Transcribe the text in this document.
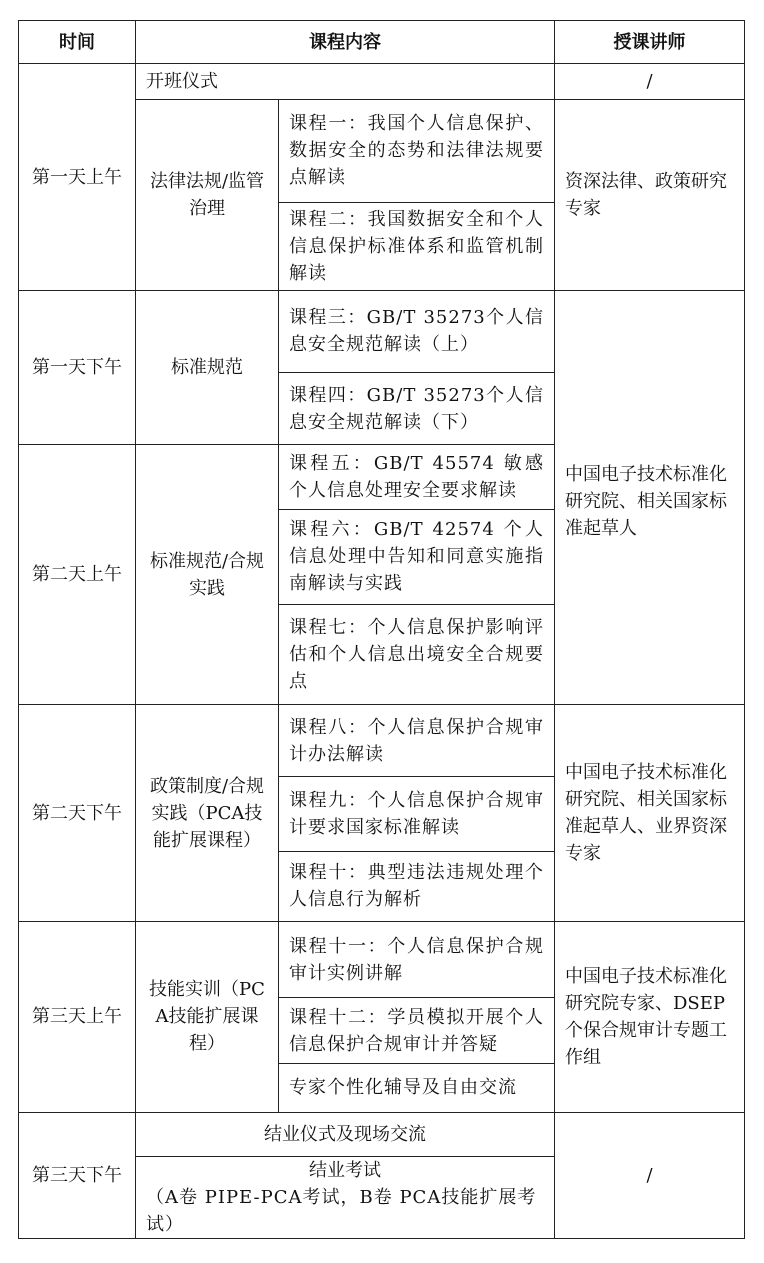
时间	课程内容		授课讲师
第一天上午	开班仪式		/
	法律法规/监管治理	课程一：我国个人信息保护、数据安全的态势和法律法规要点解读	资深法律、政策研究专家
		课程二：我国数据安全和个人信息保护标准体系和监管机制解读	
第一天下午	标准规范	课程三：GB/T 35273个人信息安全规范解读（上）	中国电子技术标准化研究院、相关国家标准起草人
		课程四：GB/T 35273个人信息安全规范解读（下）	
第二天上午	标准规范/合规实践	课程五：GB/T 45574 敏感个人信息处理安全要求解读	
		课程六：GB/T 42574 个人信息处理中告知和同意实施指南解读与实践	
		课程七：个人信息保护影响评估和个人信息出境安全合规要点	
第二天下午	政策制度/合规实践（PCA技能扩展课程）	课程八：个人信息保护合规审计办法解读	中国电子技术标准化研究院、相关国家标准起草人、业界资深专家
		课程九：个人信息保护合规审计要求国家标准解读	
		课程十：典型违法违规处理个人信息行为解析	
第三天上午	技能实训（PCA技能扩展课程）	课程十一：个人信息保护合规审计实例讲解	中国电子技术标准化研究院专家、DSEP个保合规审计专题工作组
		课程十二：学员模拟开展个人信息保护合规审计并答疑	
		专家个性化辅导及自由交流	
第三天下午	结业仪式及现场交流		/

	结业考试
（A卷 PIPE-PCA考试，B卷 PCA技能扩展考试）		
